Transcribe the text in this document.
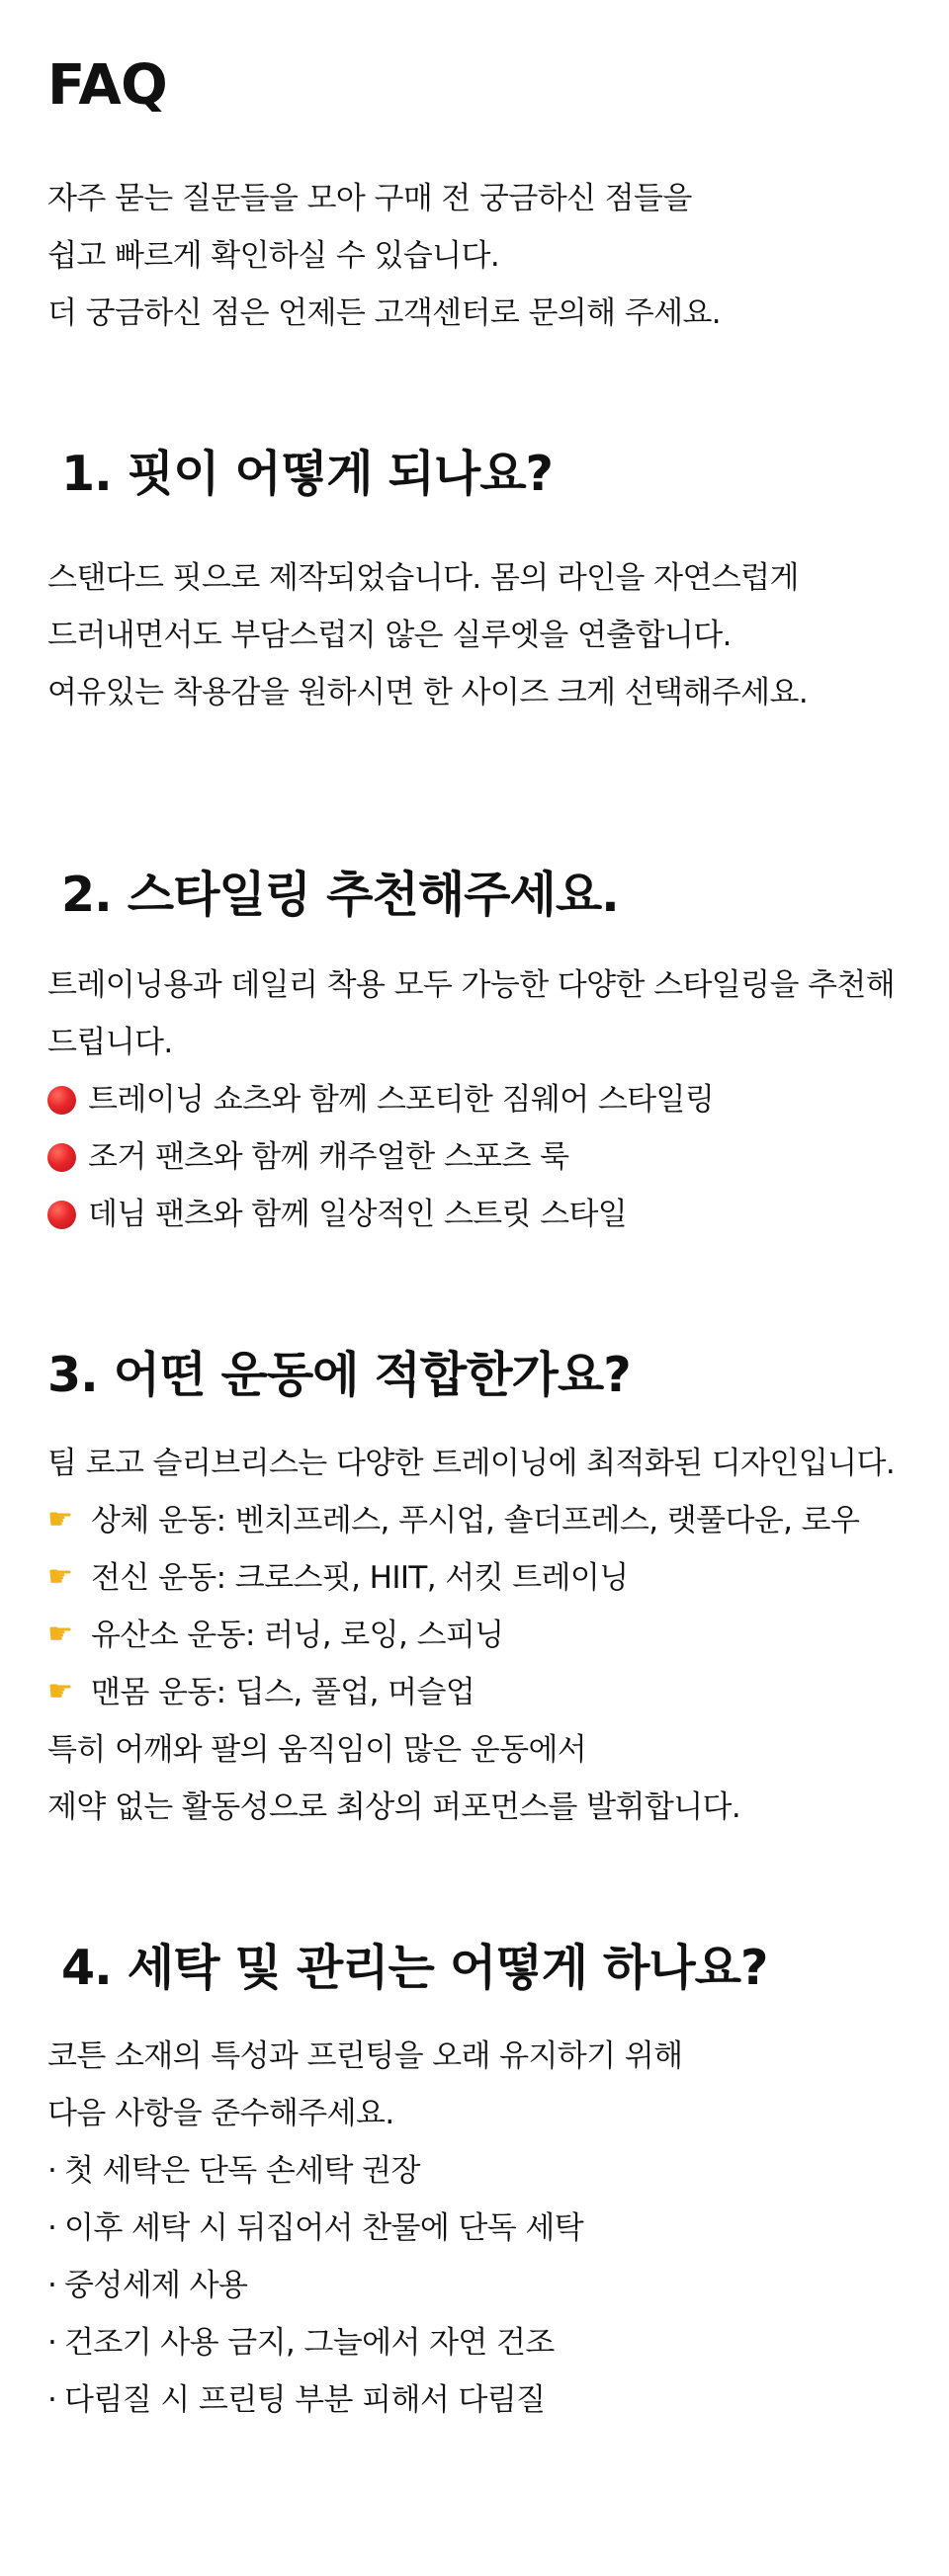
FAQ
자주 묻는 질문들을 모아 구매 전 궁금하신 점들을
쉽고 빠르게 확인하실 수 있습니다.
더 궁금하신 점은 언제든 고객센터로 문의해 주세요.
1. 핏이 어떻게 되나요?
스탠다드 핏으로 제작되었습니다. 몸의 라인을 자연스럽게
드러내면서도 부담스럽지 않은 실루엣을 연출합니다.
여유있는 착용감을 원하시면 한 사이즈 크게 선택해주세요.
2. 스타일링 추천해주세요.
트레이닝용과 데일리 착용 모두 가능한 다양한 스타일링을 추천해 드립니다.
트레이닝 쇼츠와 함께 스포티한 짐웨어 스타일링
조거 팬츠와 함께 캐주얼한 스포츠 룩
데님 팬츠와 함께 일상적인 스트릿 스타일
3. 어떤 운동에 적합한가요?
팀 로고 슬리브리스는 다양한 트레이닝에 최적화된 디자인입니다.
☛ 상체 운동: 벤치프레스, 푸시업, 숄더프레스, 랫풀다운, 로우
☛ 전신 운동: 크로스핏, HIIT, 서킷 트레이닝
☛ 유산소 운동: 러닝, 로잉, 스피닝
☛ 맨몸 운동: 딥스, 풀업, 머슬업
특히 어깨와 팔의 움직임이 많은 운동에서
제약 없는 활동성으로 최상의 퍼포먼스를 발휘합니다.
4. 세탁 및 관리는 어떻게 하나요?
코튼 소재의 특성과 프린팅을 오래 유지하기 위해
다음 사항을 준수해주세요.
· 첫 세탁은 단독 손세탁 권장
· 이후 세탁 시 뒤집어서 찬물에 단독 세탁
· 중성세제 사용
· 건조기 사용 금지, 그늘에서 자연 건조
· 다림질 시 프린팅 부분 피해서 다림질
